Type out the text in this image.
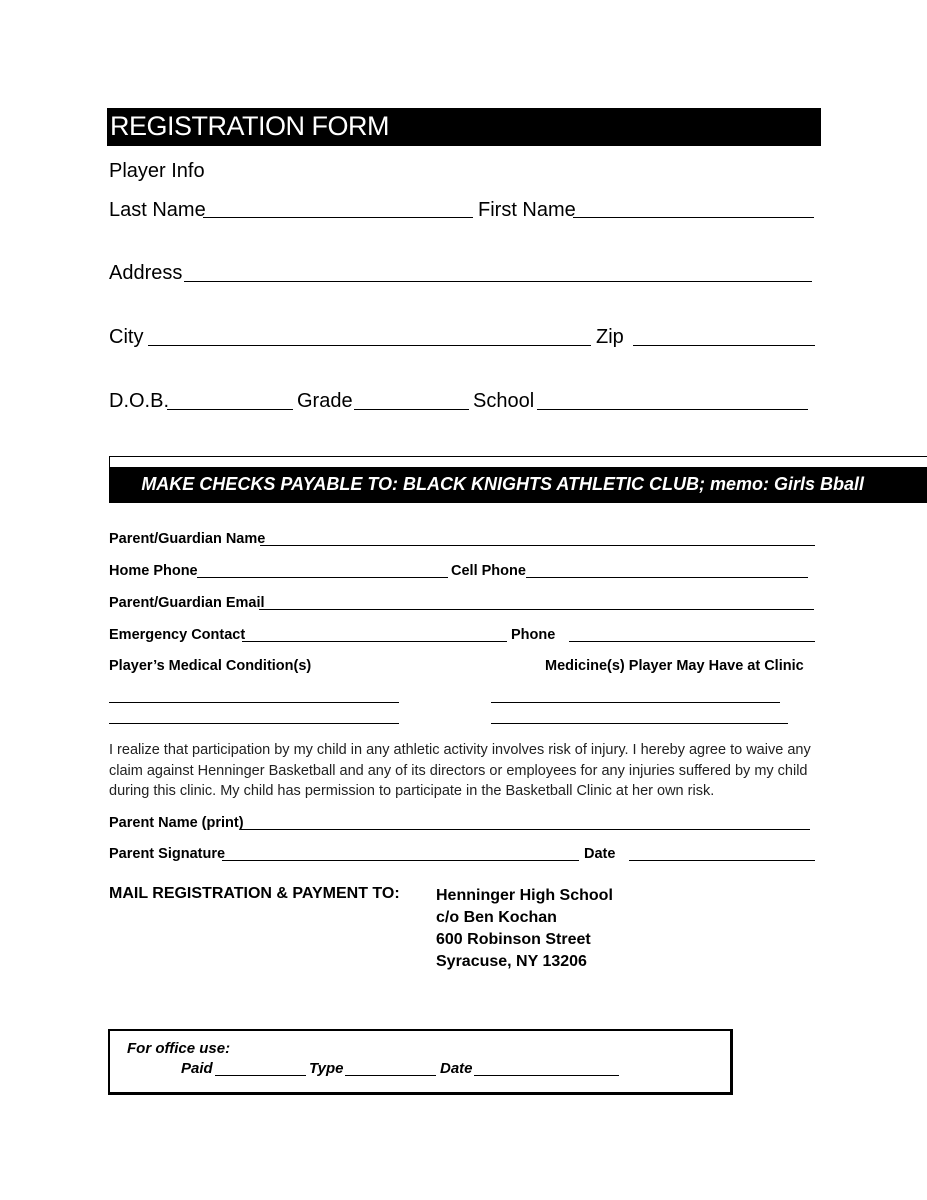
REGISTRATION FORM
Player Info
Last Name	First Name
Address
City	Zip
D.O.B.	Grade	School
MAKE CHECKS PAYABLE TO: BLACK KNIGHTS ATHLETIC CLUB; memo: Girls Bball
Parent/Guardian Name
Home Phone	Cell Phone
Parent/Guardian Email
Emergency Contact	Phone
Player’s Medical Condition(s)	Medicine(s) Player May Have at Clinic
I realize that participation by my child in any athletic activity involves risk of injury. I hereby agree to waive any claim against Henninger Basketball and any of its directors or employees for any injuries suffered by my child during this clinic. My child has permission to participate in the Basketball Clinic at her own risk.
Parent Name (print)
Parent Signature	Date
MAIL REGISTRATION & PAYMENT TO: Henninger High School
c/o Ben Kochan
600 Robinson Street
Syracuse, NY 13206
For office use:
Paid	Type	Date
